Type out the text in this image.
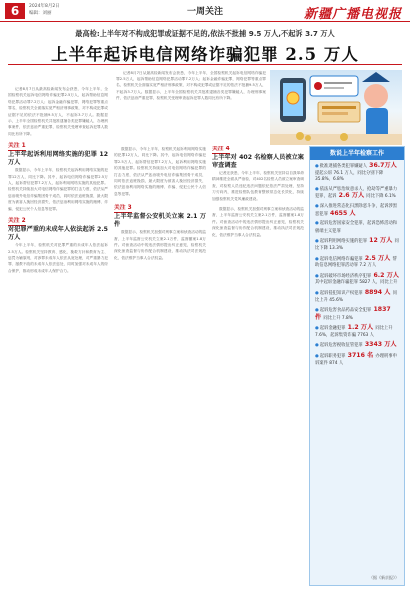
6	2024年8月2日
编辑：刘丽	一周关注	新疆广播电视报
最高检:上半年对不构成犯罪或证据不足的,依法不批捕 9.5 万人,不起诉 3.7 万人
上半年起诉电信网络诈骗犯罪 2.5 万人

记者8月7日从最高检新闻发布会获悉，今年上半年，全国检察机关起诉电信网络诈骗犯罪2.5万人，起诉帮助信息网络犯罪活动罪7.2万人；起诉金融诈骗犯罪，网络犯罪等重点罪名，检察机关全面落实宽严相济刑事政策，对不构成犯罪或证据不足的依法不批捕9.5万人，不起诉3.7万人。数据显示，上半年全国检察机关共批准逮捕各类犯罪嫌疑人，办理刑事案件，依法惩治严重犯罪，检察机关受理审查起诉犯罪人数同比有所下降。

记者8月7日从最高检新闻发布会获悉，今年上半年，全国检察机关起诉电信网络诈骗犯罪2.5万人，起诉帮助信息网络犯罪活动罪7.2万人；起诉金融诈骗犯罪，网络犯罪等重点罪名，检察机关全面落实宽严相济刑事政策，对不构成犯罪或证据不足的依法不批捕9.5万人，不起诉3.7万人。数据显示，上半年全国检察机关共批准逮捕各类犯罪嫌疑人，办理刑事案件，依法惩治严重犯罪，检察机关受理审查起诉犯罪人数同比有所下降。

关注 1
上半年起诉利用网络实施的犯罪 12 万人

数据显示，今年上半年，检察机关起诉利用网络实施的犯罪12万人，同比下降。其中，起诉电信网络诈骗犯罪2.5万人，起诉帮信犯罪7.2万人，起诉利用网络实施的其他犯罪。检察机关持续加大对电信网络诈骗犯罪的打击力度，依法从严惩治境外电信诈骗集团骨干成员，同时依法追赃挽损，最大限度为被害人挽回经济损失，依法惩治利用网络实施的赌博、诈骗、侵犯公民个人信息等犯罪。

关注 2
对犯罪严重的未成年人依法起诉 2.5 万人

今年上半年，检察机关对犯罪严重的未成年人依法起诉2.5万人。检察机关坚持教育、感化、挽救方针和教育为主、惩罚为辅原则，对涉罪未成年人依法从宽处理，对严重暴力犯罪、屡教不改的未成年人依法惩处，同时加强对未成年人的综合保护，推动形成未成年人保护合力。

数据显示，今年上半年，检察机关起诉利用网络实施的犯罪12万人，同比下降。其中，起诉电信网络诈骗犯罪2.5万人，起诉帮信犯罪7.2万人，起诉利用网络实施的其他犯罪。检察机关持续加大对电信网络诈骗犯罪的打击力度，依法从严惩治境外电信诈骗集团骨干成员，同时依法追赃挽损，最大限度为被害人挽回经济损失，依法惩治利用网络实施的赌博、诈骗、侵犯公民个人信息等犯罪。

关注 3
上半年监督公安机关立案 2.1 万件

数据显示，检察机关加强对刑事立案和侦查活动的监督，上半年监督公安机关立案2.1万件，监督撤案1.8万件。对侦查活动中的违法情形提出纠正意见，检察机关深化侦查监督与协作配合机制建设，推动执法司法规范化，依法维护当事人合法权益。

关注 4
上半年对 402 名检察人员被立案审查调查

记者还获悉，今年上半年，检察机关坚持以自我革命精神推进全面从严治检，对402名检察人员被立案审查调查，对检察人员违纪违法问题依纪依法严肃处理，坚持刀刃向内，推进检察队伍教育整顿常态化长效化，持续加强检察机关党风廉政建设。

数据显示，检察机关加强对刑事立案和侦查活动的监督，上半年监督公安机关立案2.1万件，监督撤案1.8万件。对侦查活动中的违法情形提出纠正意见，检察机关深化侦查监督与协作配合机制建设，推动执法司法规范化，依法维护当事人合法权益。

数说上半年检察工作
●批准逮捕各类犯罪嫌疑人 36.7万人 提起公诉 76.1 万人，同比分别下降 35.8%、6.8%
●依法从严惩治故意杀人、抢劫等严重暴力犯罪，起诉 2.6 万人 同比下降 6.1%
●深入推进常态化扫黑除恶斗争，起诉涉黑恶犯罪 4655 人
●起诉危害国家安全犯罪，起诉恐怖活动和极端主义犯罪
●起诉利用网络实施的犯罪 12 万人 同比下降 13.3%
●起诉电信网络诈骗犯罪 2.5 万人 帮助信息网络犯罪活动罪 7.2 万人
●起诉破坏市场经济秩序犯罪 6.2 万人 其中起诉金融诈骗犯罪 5827 人，同比上升
●起诉侵犯知识产权犯罪 8894 人 同比上升 45.6%
●起诉危害食品药品安全犯罪 1837 件 同比上升 7.8%
●起诉金融犯罪 1.2 万人 同比上升 7.6%，起诉集资诈骗 7763 人
●起诉危害税收征管犯罪 3343 万人
●起诉职务犯罪 3716 名 办理刑事申诉案件 874 人
（据《新京报》）
